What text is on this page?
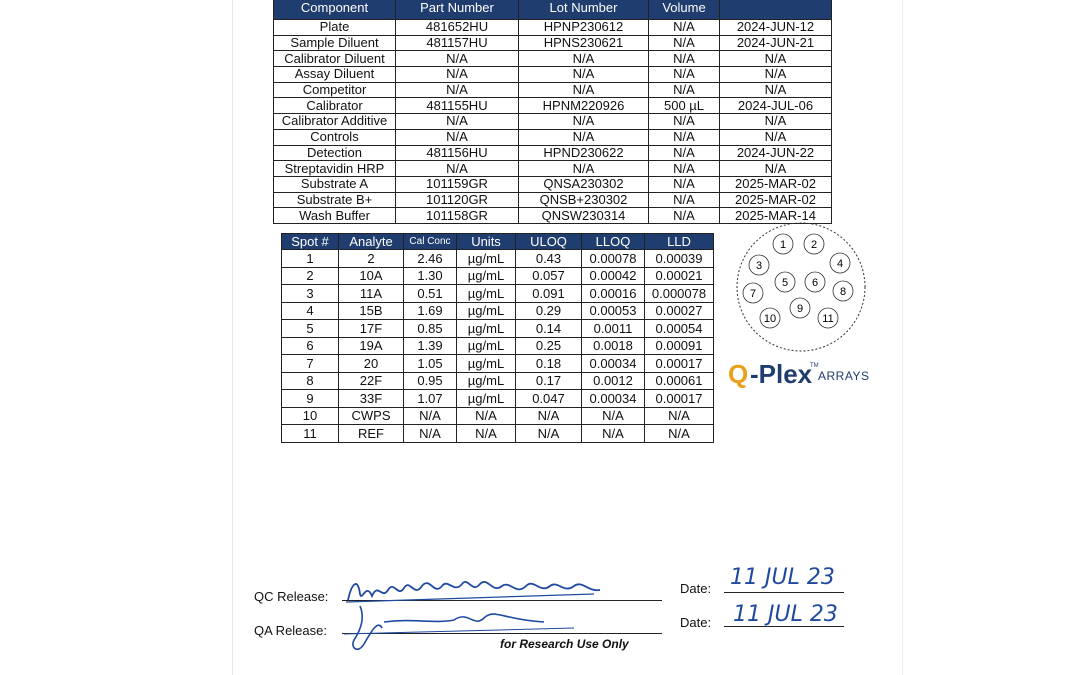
Component	Part Number	Lot Number	Volume	
Plate	481652HU	HPNP230612	N/A	2024-JUN-12
Sample Diluent	481157HU	HPNS230621	N/A	2024-JUN-21
Calibrator Diluent	N/A	N/A	N/A	N/A
Assay Diluent	N/A	N/A	N/A	N/A
Competitor	N/A	N/A	N/A	N/A
Calibrator	481155HU	HPNM220926	500 µL	2024-JUL-06
Calibrator Additive	N/A	N/A	N/A	N/A
Controls	N/A	N/A	N/A	N/A
Detection	481156HU	HPND230622	N/A	2024-JUN-22
Streptavidin HRP	N/A	N/A	N/A	N/A
Substrate A	101159GR	QNSA230302	N/A	2025-MAR-02
Substrate B+	101120GR	QNSB+230302	N/A	2025-MAR-02
Wash Buffer	101158GR	QNSW230314	N/A	2025-MAR-14
Spot #	Analyte	Cal Conc	Units	ULOQ	LLOQ	LLD
1	2	2.46	µg/mL	0.43	0.00078	0.00039
2	10A	1.30	µg/mL	0.057	0.00042	0.00021
3	11A	0.51	µg/mL	0.091	0.00016	0.000078
4	15B	1.69	µg/mL	0.29	0.00053	0.00027
5	17F	0.85	µg/mL	0.14	0.0011	0.00054
6	19A	1.39	µg/mL	0.25	0.0018	0.00091
7	20	1.05	µg/mL	0.18	0.00034	0.00017
8	22F	0.95	µg/mL	0.17	0.0012	0.00061
9	33F	1.07	µg/mL	0.047	0.00034	0.00017
10	CWPS	N/A	N/A	N/A	N/A	N/A
11	REF	N/A	N/A	N/A	N/A	N/A
1 2
3	4
5 6
7	8
9
10	11
Q -Plex
TM
ARRAYS
QC Release:
Date: 11 JUL 23
QA Release:
Date: 11 JUL 23
for Research Use Only
